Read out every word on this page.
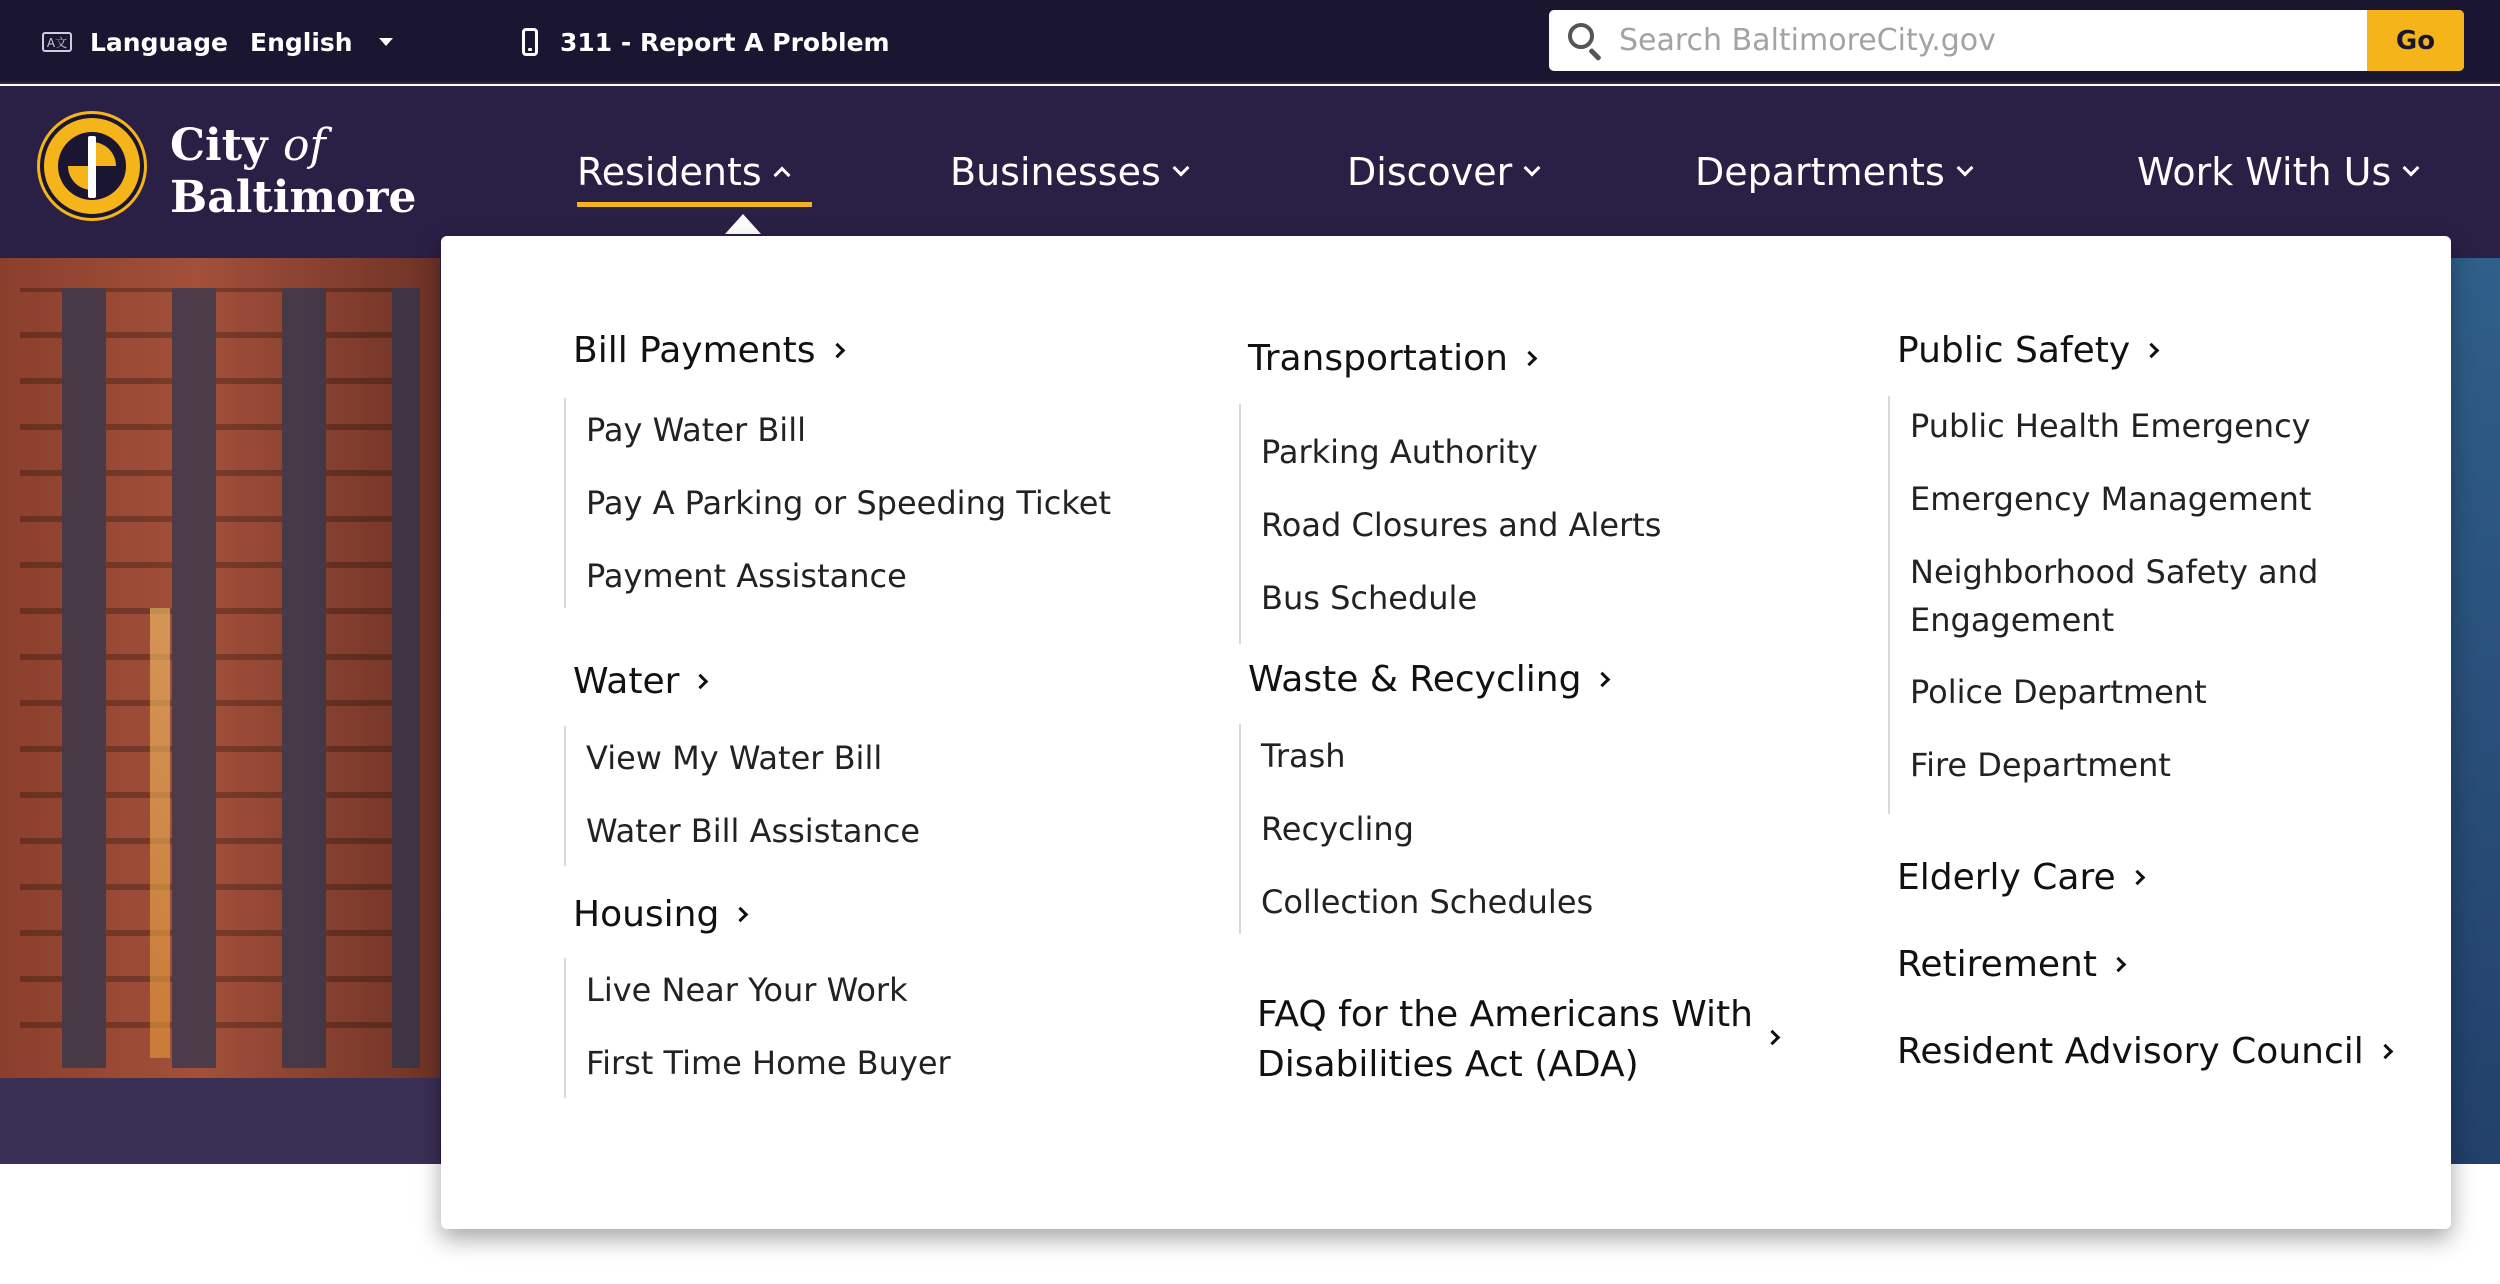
A文 Language English	311 - Report A Problem
Search BaltimoreCity.gov	Go
City of
Baltimore	Residents	Businesses	Discover	Departments	Work With Us
Bill Payments
Pay Water Bill
Pay A Parking or Speeding Ticket
Payment Assistance
Water
View My Water Bill
Water Bill Assistance
Housing
Live Near Your Work
First Time Home Buyer
Transportation
Parking Authority
Road Closures and Alerts
Bus Schedule
Waste & Recycling
Trash
Recycling
Collection Schedules
FAQ for the Americans With Disabilities Act (ADA)
Public Safety
Public Health Emergency
Emergency Management
Neighborhood Safety and Engagement
Police Department
Fire Department
Elderly Care
Retirement
Resident Advisory Council
